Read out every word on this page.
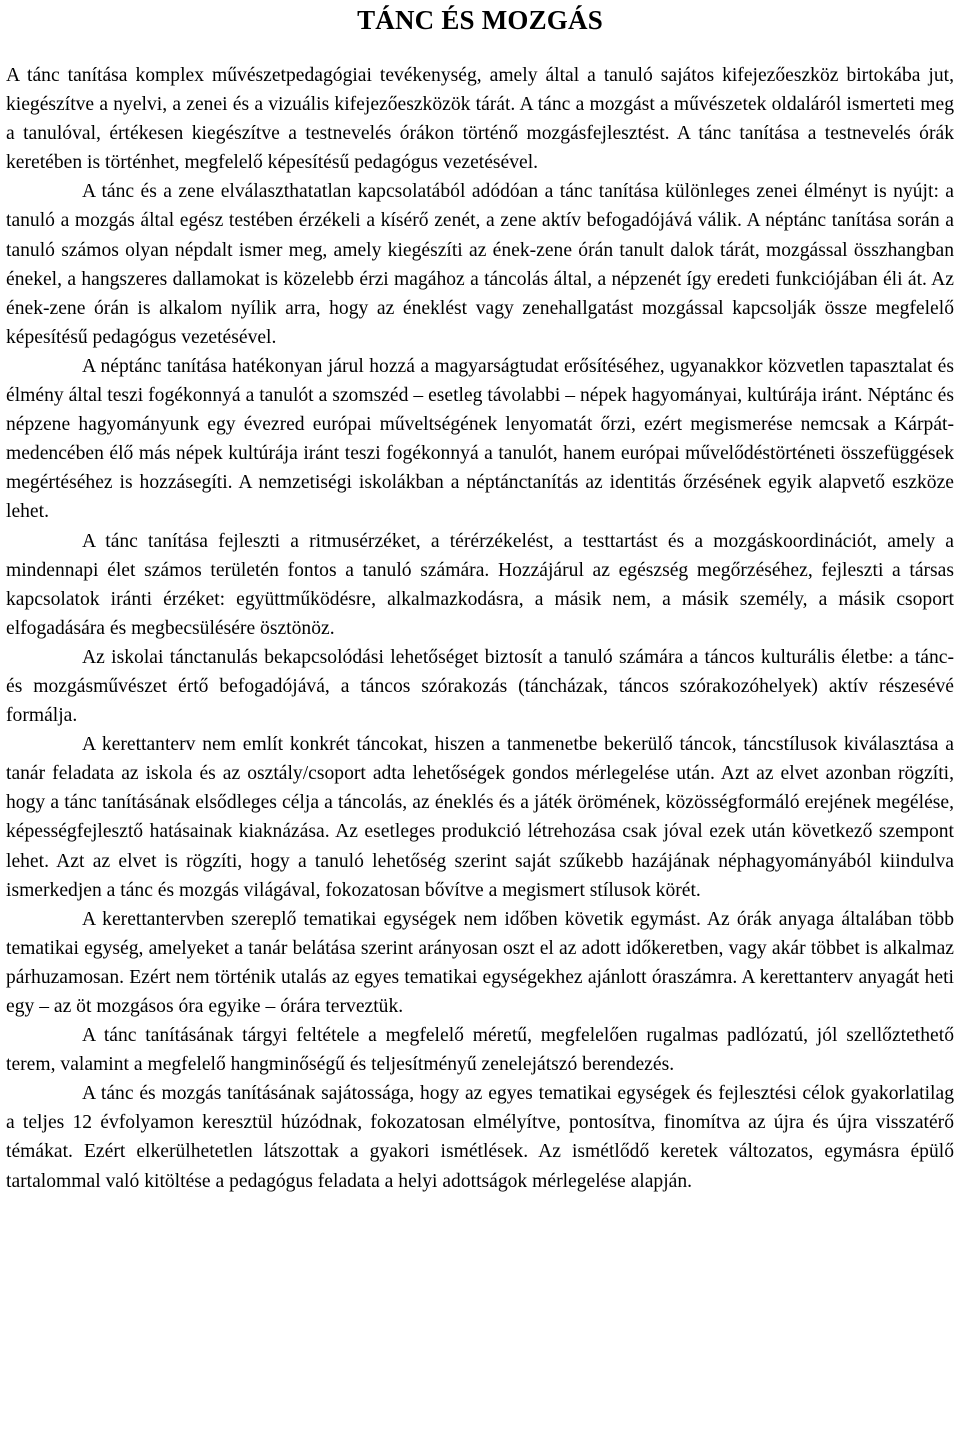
TÁNC ÉS MOZGÁS

A tánc tanítása komplex művészetpedagógiai tevékenység, amely által a tanuló sajátos kifejezőeszköz birtokába jut, kiegészítve a nyelvi, a zenei és a vizuális kifejezőeszközök tárát. A tánc a mozgást a művészetek oldaláról ismerteti meg a tanulóval, értékesen kiegészítve a testnevelés órákon történő mozgásfejlesztést. A tánc tanítása a testnevelés órák keretében is történhet, megfelelő képesítésű pedagógus vezetésével.

A tánc és a zene elválaszthatatlan kapcsolatából adódóan a tánc tanítása különleges zenei élményt is nyújt: a tanuló a mozgás által egész testében érzékeli a kísérő zenét, a zene aktív befogadójává válik. A néptánc tanítása során a tanuló számos olyan népdalt ismer meg, amely kiegészíti az ének-zene órán tanult dalok tárát, mozgással összhangban énekel, a hangszeres dallamokat is közelebb érzi magához a táncolás által, a népzenét így eredeti funkciójában éli át. Az ének-zene órán is alkalom nyílik arra, hogy az éneklést vagy zenehallgatást mozgással kapcsolják össze megfelelő képesítésű pedagógus vezetésével.

A néptánc tanítása hatékonyan járul hozzá a magyarságtudat erősítéséhez, ugyanakkor közvetlen tapasztalat és élmény által teszi fogékonnyá a tanulót a szomszéd – esetleg távolabbi – népek hagyományai, kultúrája iránt. Néptánc és népzene hagyományunk egy évezred európai műveltségének lenyomatát őrzi, ezért megismerése nemcsak a Kárpát-medencében élő más népek kultúrája iránt teszi fogékonnyá a tanulót, hanem európai művelődéstörténeti összefüggések megértéséhez is hozzásegíti. A nemzetiségi iskolákban a néptánctanítás az identitás őrzésének egyik alapvető eszköze lehet.

A tánc tanítása fejleszti a ritmusérzéket, a térérzékelést, a testtartást és a mozgáskoordinációt, amely a mindennapi élet számos területén fontos a tanuló számára. Hozzájárul az egészség megőrzéséhez, fejleszti a társas kapcsolatok iránti érzéket: együttműködésre, alkalmazkodásra, a másik nem, a másik személy, a másik csoport elfogadására és megbecsülésére ösztönöz.

Az iskolai tánctanulás bekapcsolódási lehetőséget biztosít a tanuló számára a táncos kulturális életbe: a tánc- és mozgásművészet értő befogadójává, a táncos szórakozás (táncházak, táncos szórakozóhelyek) aktív részesévé formálja.

A kerettanterv nem említ konkrét táncokat, hiszen a tanmenetbe bekerülő táncok, táncstílusok kiválasztása a tanár feladata az iskola és az osztály/csoport adta lehetőségek gondos mérlegelése után. Azt az elvet azonban rögzíti, hogy a tánc tanításának elsődleges célja a táncolás, az éneklés és a játék örömének, közösségformáló erejének megélése, képességfejlesztő hatásainak kiaknázása. Az esetleges produkció létrehozása csak jóval ezek után következő szempont lehet. Azt az elvet is rögzíti, hogy a tanuló lehetőség szerint saját szűkebb hazájának néphagyományából kiindulva ismerkedjen a tánc és mozgás világával, fokozatosan bővítve a megismert stílusok körét.

A kerettantervben szereplő tematikai egységek nem időben követik egymást. Az órák anyaga általában több tematikai egység, amelyeket a tanár belátása szerint arányosan oszt el az adott időkeretben, vagy akár többet is alkalmaz párhuzamosan. Ezért nem történik utalás az egyes tematikai egységekhez ajánlott óraszámra. A kerettanterv anyagát heti egy – az öt mozgásos óra egyike – órára terveztük.

A tánc tanításának tárgyi feltétele a megfelelő méretű, megfelelően rugalmas padlózatú, jól szellőztethető terem, valamint a megfelelő hangminőségű és teljesítményű zenelejátszó berendezés.

A tánc és mozgás tanításának sajátossága, hogy az egyes tematikai egységek és fejlesztési célok gyakorlatilag a teljes 12 évfolyamon keresztül húzódnak, fokozatosan elmélyítve, pontosítva, finomítva az újra és újra visszatérő témákat. Ezért elkerülhetetlen látszottak a gyakori ismétlések. Az ismétlődő keretek változatos, egymásra épülő tartalommal való kitöltése a pedagógus feladata a helyi adottságok mérlegelése alapján.
